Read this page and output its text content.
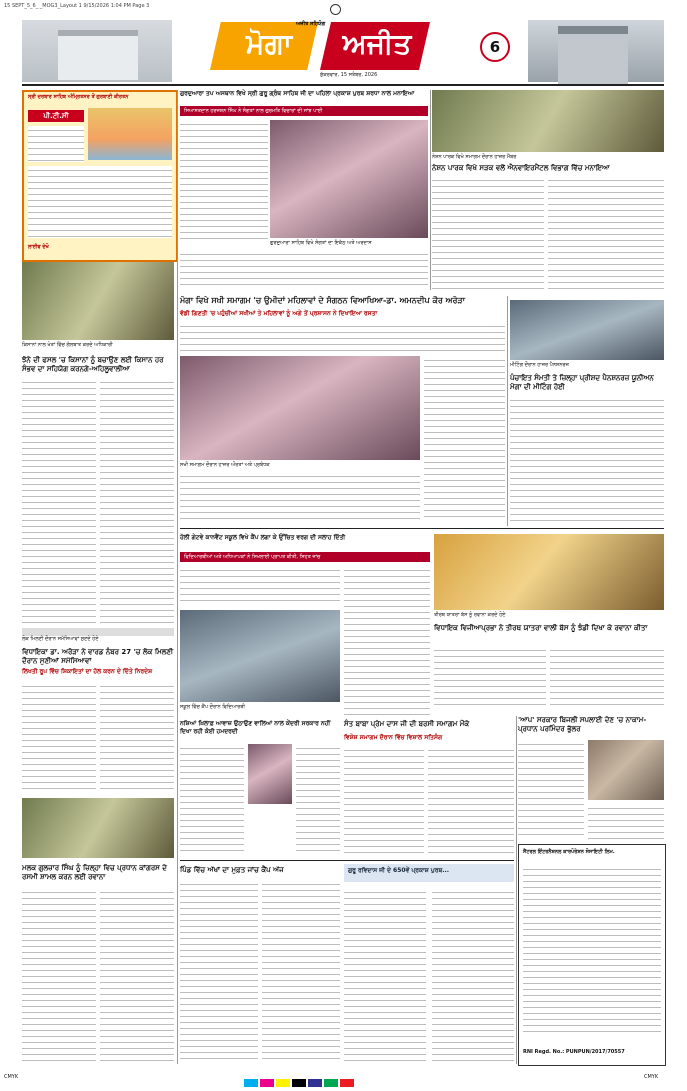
15 SEPT_5_6_ _MOG3_Layout 1 9/15/2026 1:04 PM Page 3
ਮੋਗਾ	ਅਜੀਤ
ਅਜੀਤ ਸਹਿਯੋਗ
ਸ਼ੁੱਕਰਵਾਰ, 15 ਸਤੰਬਰ, 2026
6
ਸ੍ਰੀ ਦਰਬਾਰ ਸਾਹਿਬ ਅੰਮ੍ਰਿਤਸਰ ਤੋਂ ਗੁਰਬਾਣੀ ਕੀਰਤਨ
ਪੀ.ਟੀ.ਸੀ
ਲਾਈਵ ਦੇਖੋ
ਗੁਰਦੁਆਰਾ ਤਪ ਅਸਥਾਨ ਵਿਖੇ ਸ੍ਰੀ ਗੁਰੂ ਗ੍ਰੰਥ ਸਾਹਿਬ ਜੀ ਦਾ ਪਹਿਲਾ ਪ੍ਰਕਾਸ਼ ਪੁਰਬ ਸ਼ਰਧਾ ਨਾਲ ਮਨਾਇਆ
ਸਿਆਸਤਦਾਨ ਹਰਜਸ਼ਨ ਸਿੰਘ ਨੇ ਸੰਗਤਾਂ ਨਾਲ ਗੁਰਮਤਿ ਵਿਚਾਰਾਂ ਦੀ ਸਾਂਝ ਪਾਈ
ਗੁਰਦੁਆਰਾ ਸਾਹਿਬ ਵਿਖੇ ਸੰਗਤਾਂ ਦਾ ਇਕੱਠ ਅਤੇ ਅਰਦਾਸ
ਨੇਸ਼ਨ ਪਾਰਕ ਵਿਖੇ ਸਮਾਗਮ ਦੌਰਾਨ ਹਾਜ਼ਰ ਮੈਂਬਰ
ਨੇਸ਼ਨ ਪਾਰਕ ਵਿਖੇ ਸੜਕ ਵਲੋਂ ਐਨਵਾਇਰਮੈਂਟਲ ਵਿਭਾਗ ਵਿੱਚ ਮਨਾਇਆ
ਕਿਸਾਨਾਂ ਨਾਲ ਖੇਤਾਂ ਵਿੱਚ ਗੱਲਬਾਤ ਕਰਦੇ ਅਧਿਕਾਰੀ
ਝੋਨੇ ਦੀ ਫਸਲ 'ਚ ਕਿਸਾਨਾਂ ਨੂੰ ਬਚਾਉਣ ਲਈ ਕਿਸਾਨ ਹਰ ਸੰਭਵ ਦਾ ਸਹਿਯੋਗ ਕਰਨਗੇ-ਅਹਿਲੂਵਾਲੀਆ
ਮੋਗਾ ਵਿਖੇ ਸਖੀ ਸਮਾਗਮ 'ਚ ਉਮੀਦਾਂ ਮਹਿਲਾਵਾਂ ਦੇ ਸੰਗਠਨ ਵਿਆਖਿਆ-ਡਾ. ਅਮਨਦੀਪ ਕੌਰ ਅਰੋੜਾ
ਵੱਡੀ ਗਿਣਤੀ 'ਚ ਪਹੁੰਚੀਆਂ ਸਖੀਆਂ ਤੇ ਮਹਿਲਾਵਾਂ ਨੂੰ ਅਗੇ ਤੋਂ ਪ੍ਰਸ਼ਾਸਨ ਨੇ ਦਿਖਾਇਆ ਰਸਤਾ
ਸਖੀ ਸਮਾਗਮ ਦੌਰਾਨ ਹਾਜ਼ਰ ਔਰਤਾਂ ਅਤੇ ਪ੍ਰਬੰਧਕ
ਮੀਟਿੰਗ ਦੌਰਾਨ ਹਾਜ਼ਰ ਪੈਨਸ਼ਨਰਜ਼
ਪੰਚਾਇਤ ਸੰਮਤੀ ਤੇ ਜ਼ਿਲ੍ਹਾ ਪ੍ਰੀਸ਼ਦ ਪੈਨਸ਼ਨਰਜ਼ ਯੂਨੀਅਨ ਮੋਗਾ ਦੀ ਮੀਟਿੰਗ ਹੋਈ
ਹੋਲੀ ਗੇਟਵੇ ਕਾਨਵੈਂਟ ਸਕੂਲ ਵਿਖੇ ਕੈਂਪ ਲਗਾ ਕੇ ਉੱਚਿਤ ਵਰਗ ਦੀ ਸਲਾਹ ਦਿੱਤੀ
ਵਿਦਿਆਰਥੀਆਂ ਅਤੇ ਅਧਿਆਪਕਾਂ ਨੇ ਸਿਖਲਾਈ ਪ੍ਰਾਪਤ ਕੀਤੀ, ਸਿਹਤ ਜਾਂਚ
ਸਕੂਲ ਵਿੱਚ ਕੈਂਪ ਦੌਰਾਨ ਵਿਦਿਆਰਥੀ
ਤੀਰਥ ਯਾਤਰਾ ਬੱਸ ਨੂੰ ਰਵਾਨਾ ਕਰਦੇ ਹੋਏ
ਵਿਧਾਇਕ ਵਿਜੀਆਪ੍ਰਭਾ ਨੇ ਤੀਰਥ ਯਾਤਰਾ ਵਾਲੀ ਬੱਸ ਨੂੰ ਝੰਡੀ ਦਿਖਾ ਕੇ ਰਵਾਨਾ ਕੀਤਾ
ਲੋਕ ਮਿਲਣੀ ਦੌਰਾਨ ਸਮੱਸਿਆਵਾਂ ਸੁਣਦੇ ਹੋਏ
ਵਿਧਾਇਕਾ ਡਾ. ਅਰੋੜਾ ਨੇ ਵਾਰਡ ਨੰਬਰ 27 'ਚ ਲੋਕ ਮਿਲਣੀ ਦੌਰਾਨ ਸੁਣੀਆਂ ਸਮੱਸਿਆਵਾਂ
ਲਿਖਤੀ ਰੂਪ ਵਿੱਚ ਸ਼ਿਕਾਇਤਾਂ ਦਾ ਹੱਲ ਕਰਨ ਦੇ ਦਿੱਤੇ ਨਿਰਦੇਸ਼
ਮਲਕ ਗੁਲਜ਼ਾਰ ਸਿੰਘ ਨੂੰ ਜ਼ਿਲ੍ਹਾ ਵਿਚ ਪ੍ਰਧਾਨ ਕਾਂਗਰਸ ਦੇ ਰਸਮੀ ਸ਼ਾਮਲ ਕਰਨ ਲਈ ਰਵਾਨਾ
ਨਸ਼ਿਆਂ ਖ਼ਿਲਾਫ਼ ਆਵਾਜ਼ ਉਠਾਉਣ ਵਾਲਿਆਂ ਨਾਲ ਕੇਂਦਰੀ ਸਰਕਾਰ ਨਹੀਂ ਦਿਖਾ ਰਹੀ ਕੋਈ ਹਮਦਰਦੀ
ਸੰਤ ਬਾਬਾ ਪ੍ਰੇਮ ਦਾਸ ਜੀ ਦੀ ਬਰਸੀ ਸਮਾਗਮ ਮੌਕੇ
ਵਿਸ਼ੇਸ਼ ਸਮਾਗਮ ਦੌਰਾਨ ਵਿੱਚ ਵਿਸ਼ਾਲ ਸਤਿਸੰਗ
'ਆਪ' ਸਰਕਾਰ ਬਿਜਲੀ ਸਪਲਾਈ ਦੇਣ 'ਚ ਨਾਕਾਮ-ਪ੍ਰਧਾਨ ਪਰਮਿੰਦਰ ਭੁੱਲਰ
ਪਿੰਡ ਵਿੱਚ ਅੱਖਾਂ ਦਾ ਮੁਫ਼ਤ ਜਾਂਚ ਕੈਂਪ ਅੱਜ	ਗੁਰੂ ਰਵਿਦਾਸ ਜੀ ਦੇ 650ਵੇਂ ਪ੍ਰਕਾਸ਼ ਪੁਰਬ...
ਸੈਂਟਰਲ ਇੰਟਰਨੈਸ਼ਨਲ ਕਾਰਪੋਰੇਸ਼ਨ ਸੋਸਾਇਟੀ ਲਿਮ.
RNI Regd. No.: PUNPUN/2017/70557
CMYK	CMYK
